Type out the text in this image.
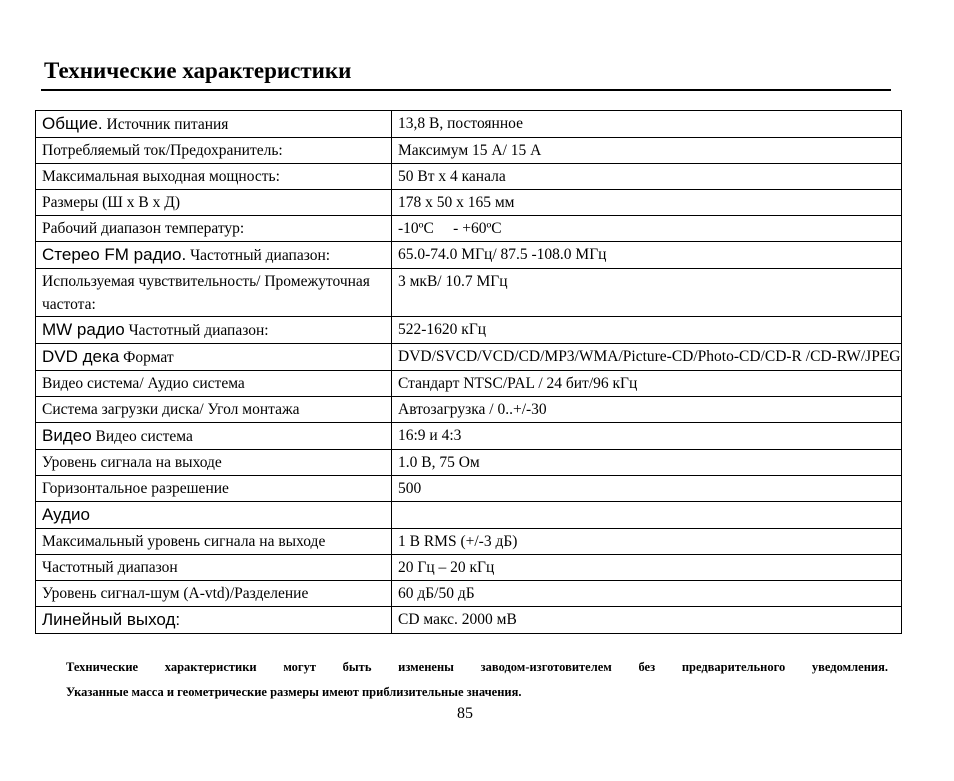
Технические характеристики
Общие. Источник питания	13,8 В, постоянное
Потребляемый ток/Предохранитель:	Максимум 15 А/ 15 А
Максимальная выходная мощность:	50 Вт x 4 канала
Размеры (Ш x В x Д)	178 x 50 x 165 мм
Рабочий диапазон температур:	-10ºC     - +60ºC
Стерео FM радио. Частотный диапазон:	65.0-74.0 МГц/ 87.5 -108.0 МГц
Используемая чувствительность/ Промежуточная частота:	3 мкВ/ 10.7 МГц
MW радио Частотный диапазон:	522-1620 кГц
DVD дека Формат	DVD/SVCD/VCD/CD/MP3/WMA/Picture-CD/Photo-CD/CD-R /CD-RW/JPEG
Видео система/ Аудио система	Стандарт NTSC/PAL / 24 бит/96 кГц
Система загрузки диска/ Угол монтажа	Автозагрузка / 0..+/-30
Видео Видео система	16:9 и 4:3
Уровень сигнала на выходе	1.0 В, 75 Ом
Горизонтальное разрешение	500
Аудио	
Максимальный уровень сигнала на выходе	1 В RMS (+/-3 дБ)
Частотный диапазон	20 Гц – 20 кГц
Уровень сигнал-шум (A-vtd)/Разделение	60 дБ/50 дБ
Линейный выход:	CD макс. 2000 мВ

Технические характеристики могут быть изменены заводом-изготовителем без предварительного уведомления.

Указанные масса и геометрические размеры имеют приблизительные значения.

85
